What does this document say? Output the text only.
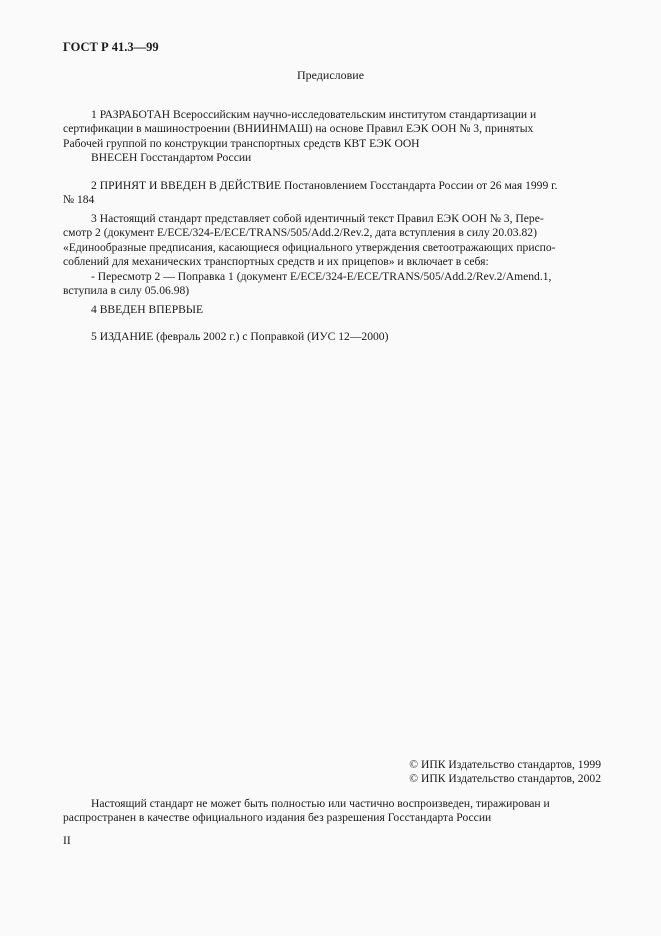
ГОСТ Р 41.3—99
Предисловие
1 РАЗРАБОТАН Всероссийским научно-исследовательским институтом стандартизации и
сертификации в машиностроении (ВНИИНМАШ) на основе Правил ЕЭК ООН № 3, принятых
Рабочей группой по конструкции транспортных средств КВТ ЕЭК ООН
ВНЕСЕН Госстандартом России
2 ПРИНЯТ И ВВЕДЕН В ДЕЙСТВИЕ Постановлением Госстандарта России от 26 мая 1999 г.
№ 184
3 Настоящий стандарт представляет собой идентичный текст Правил ЕЭК ООН № 3, Пере-
смотр 2 (документ E/ECE/324-E/ECE/TRANS/505/Add.2/Rev.2, дата вступления в силу 20.03.82)
«Единообразные предписания, касающиеся официального утверждения светоотражающих приспо-
соблений для механических транспортных средств и их прицепов» и включает в себя:
- Пересмотр 2 — Поправка 1 (документ E/ECE/324-E/ECE/TRANS/505/Add.2/Rev.2/Amend.1,
вступила в силу 05.06.98)
4 ВВЕДЕН ВПЕРВЫЕ
5 ИЗДАНИЕ (февраль 2002 г.) с Поправкой (ИУС 12—2000)
© ИПК Издательство стандартов, 1999
© ИПК Издательство стандартов, 2002
Настоящий стандарт не может быть полностью или частично воспроизведен, тиражирован и
распространен в качестве официального издания без разрешения Госстандарта России
II
